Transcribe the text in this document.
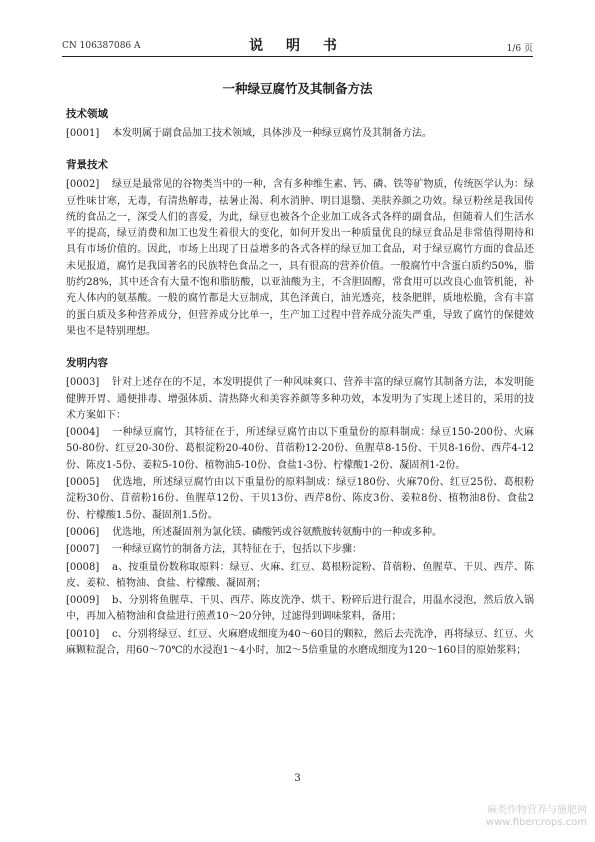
CN 106387086 A	说 明 书	1/6 页
一种绿豆腐竹及其制备方法
技术领域

[0001] 本发明属于副食品加工技术领域，具体涉及一种绿豆腐竹及其制备方法。

背景技术

[0002] 绿豆是最常见的谷物类当中的一种，含有多种维生素、钙、磷、铁等矿物质，传统医学认为：绿豆性味甘寒，无毒，有清热解毒，祛暑止渴、利水消肿、明目退翳、美肤养颜之功效。绿豆粉丝是我国传统的食品之一，深受人们的喜爱，为此，绿豆也被各个企业加工成各式各样的副食品，但随着人们生活水平的提高，绿豆消费和加工也发生着很大的变化，如何开发出一种质量优良的绿豆食品是非常值得期待和具有市场价值的。因此，市场上出现了日益增多的各式各样的绿豆加工食品，对于绿豆腐竹方面的食品还未见报道，腐竹是我国著名的民族特色食品之一，具有很高的营养价值。一般腐竹中含蛋白质约50%，脂肪约28%，其中还含有大量不饱和脂肪酸，以亚油酸为主，不含胆固醇，常食用可以改良心血管机能，补充人体内的氨基酸。一般的腐竹都是大豆制成，其色泽黄白，油光透亮，枝条肥胖，质地松脆，含有丰富的蛋白质及多种营养成分，但营养成分比单一，生产加工过程中营养成分流失严重，导致了腐竹的保健效果也不是特别理想。

发明内容

[0003] 针对上述存在的不足，本发明提供了一种风味爽口、营养丰富的绿豆腐竹其制备方法，本发明能健脾开胃、通便排毒、增强体质、清热降火和美容养颜等多种功效，本发明为了实现上述目的，采用的技术方案如下：

[0004] 一种绿豆腐竹，其特征在于，所述绿豆腐竹由以下重量份的原料制成：绿豆150-200份、火麻50-80份、红豆20-30份、葛根淀粉20-40份、苜蓿粉12-20份、鱼腥草8-15份、干贝8-16份、西芹4-12份、陈皮1-5份、姜粒5-10份、植物油5-10份、食盐1-3份、柠檬酸1-2份、凝固剂1-2份。

[0005] 优选地，所述绿豆腐竹由以下重量份的原料制成：绿豆180份、火麻70份、红豆25份、葛根粉淀粉30份、苜蓿粉16份、鱼腥草12份、干贝13份、西芹8份、陈皮3份、姜粒8份、植物油8份、食盐2份、柠檬酸1.5份、凝固剂1.5份。

[0006] 优选地，所述凝固剂为氯化镁、磷酸钙或谷氨酰胺转氨酶中的一种或多种。

[0007] 一种绿豆腐竹的制备方法，其特征在于，包括以下步骤：

[0008] a、按重量份数称取原料：绿豆、火麻、红豆、葛根粉淀粉、苜蓿粉、鱼腥草、干贝、西芹、陈皮、姜粒、植物油、食盐、柠檬酸、凝固剂；

[0009] b、分别将鱼腥草、干贝、西芹、陈皮洗净、烘干、粉碎后进行混合，用温水浸泡，然后放入锅中，再加入植物油和食盐进行煎煮10～20分钟，过滤得到调味浆料，备用；

[0010] c、分别将绿豆、红豆、火麻磨成细度为40～60目的颗粒，然后去壳洗净，再将绿豆、红豆、火麻颗粒混合，用60～70℃的水浸泡1～4小时，加2～5倍重量的水磨成细度为120～160目的原始浆料；

3
麻类作物营养与施肥网
www.fibercrops.com
